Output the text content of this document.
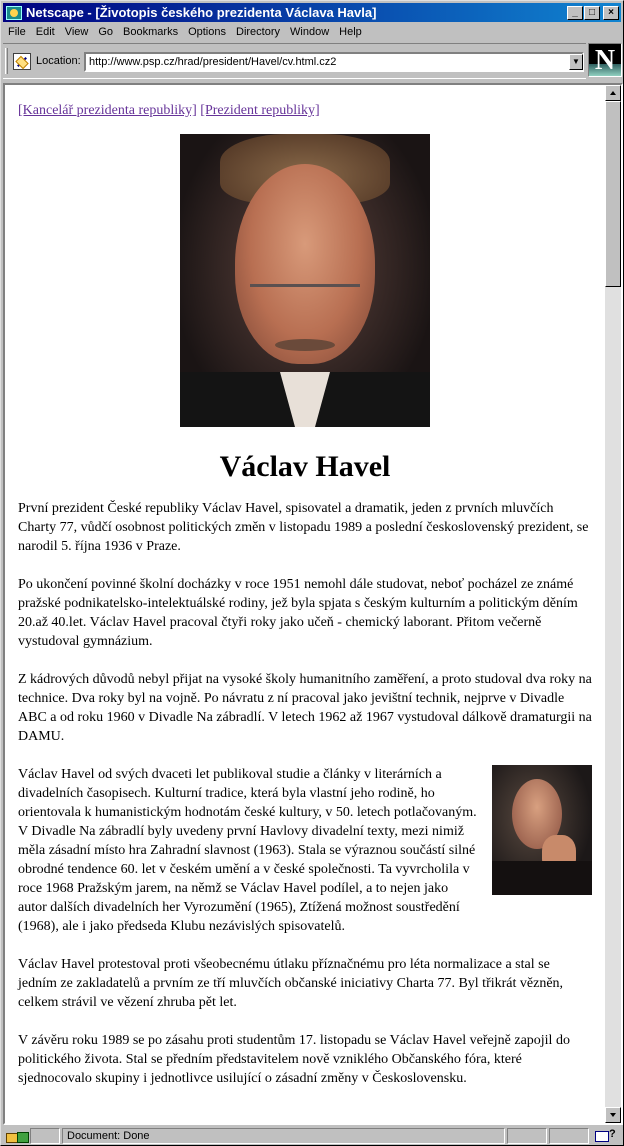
Netscape - [Životopis českého prezidenta Václava Havla]	_	□	×
File Edit View Go Bookmarks Options Directory Window Help
Location: http://www.psp.cz/hrad/president/Havel/cv.html.cz2	▼ N
[Kancelář prezidenta republiky] [Prezident republiky]
Václav Havel

První prezident České republiky Václav Havel, spisovatel a dramatik, jeden z prvních mluvčích Charty 77, vůdčí osobnost politických změn v listopadu 1989 a poslední československý prezident, se narodil 5. října 1936 v Praze.

Po ukončení povinné školní docházky v roce 1951 nemohl dále studovat, neboť pocházel ze známé pražské podnikatelsko-intelektuálské rodiny, jež byla spjata s českým kulturním a politickým děním 20.až 40.let. Václav Havel pracoval čtyři roky jako učeň - chemický laborant. Přitom večerně vystudoval gymnázium.

Z kádrových důvodů nebyl přijat na vysoké školy humanitního zaměření, a proto studoval dva roky na technice. Dva roky byl na vojně. Po návratu z ní pracoval jako jevištní technik, nejprve v Divadle ABC a od roku 1960 v Divadle Na zábradlí. V letech 1962 až 1967 vystudoval dálkově dramaturgii na DAMU.

Václav Havel od svých dvaceti let publikoval studie a články v literárních a divadelních časopisech. Kulturní tradice, která byla vlastní jeho rodině, ho orientovala k humanistickým hodnotám české kultury, v 50. letech potlačovaným.
V Divadle Na zábradlí byly uvedeny první Havlovy divadelní texty, mezi nimiž měla zásadní místo hra Zahradní slavnost (1963). Stala se výraznou součástí silné obrodné tendence 60. let v českém umění a v české společnosti. Ta vyvrcholila v roce 1968 Pražským jarem, na němž se Václav Havel podílel, a to nejen jako autor dalších divadelních her Vyrozumění (1965), Ztížená možnost soustředění (1968), ale i jako předseda Klubu nezávislých spisovatelů.

Václav Havel protestoval proti všeobecnému útlaku příznačnému pro léta normalizace a stal se jedním ze zakladatelů a prvním ze tří mluvčích občanské iniciativy Charta 77. Byl třikrát vězněn, celkem strávil ve vězení zhruba pět let.

V závěru roku 1989 se po zásahu proti studentům 17. listopadu se Václav Havel veřejně zapojil do politického života. Stal se předním představitelem nově vzniklého Občanského fóra, které sjednocovalo skupiny i jednotlivce usilující o zásadní změny v Československu.

Document: Done
?
